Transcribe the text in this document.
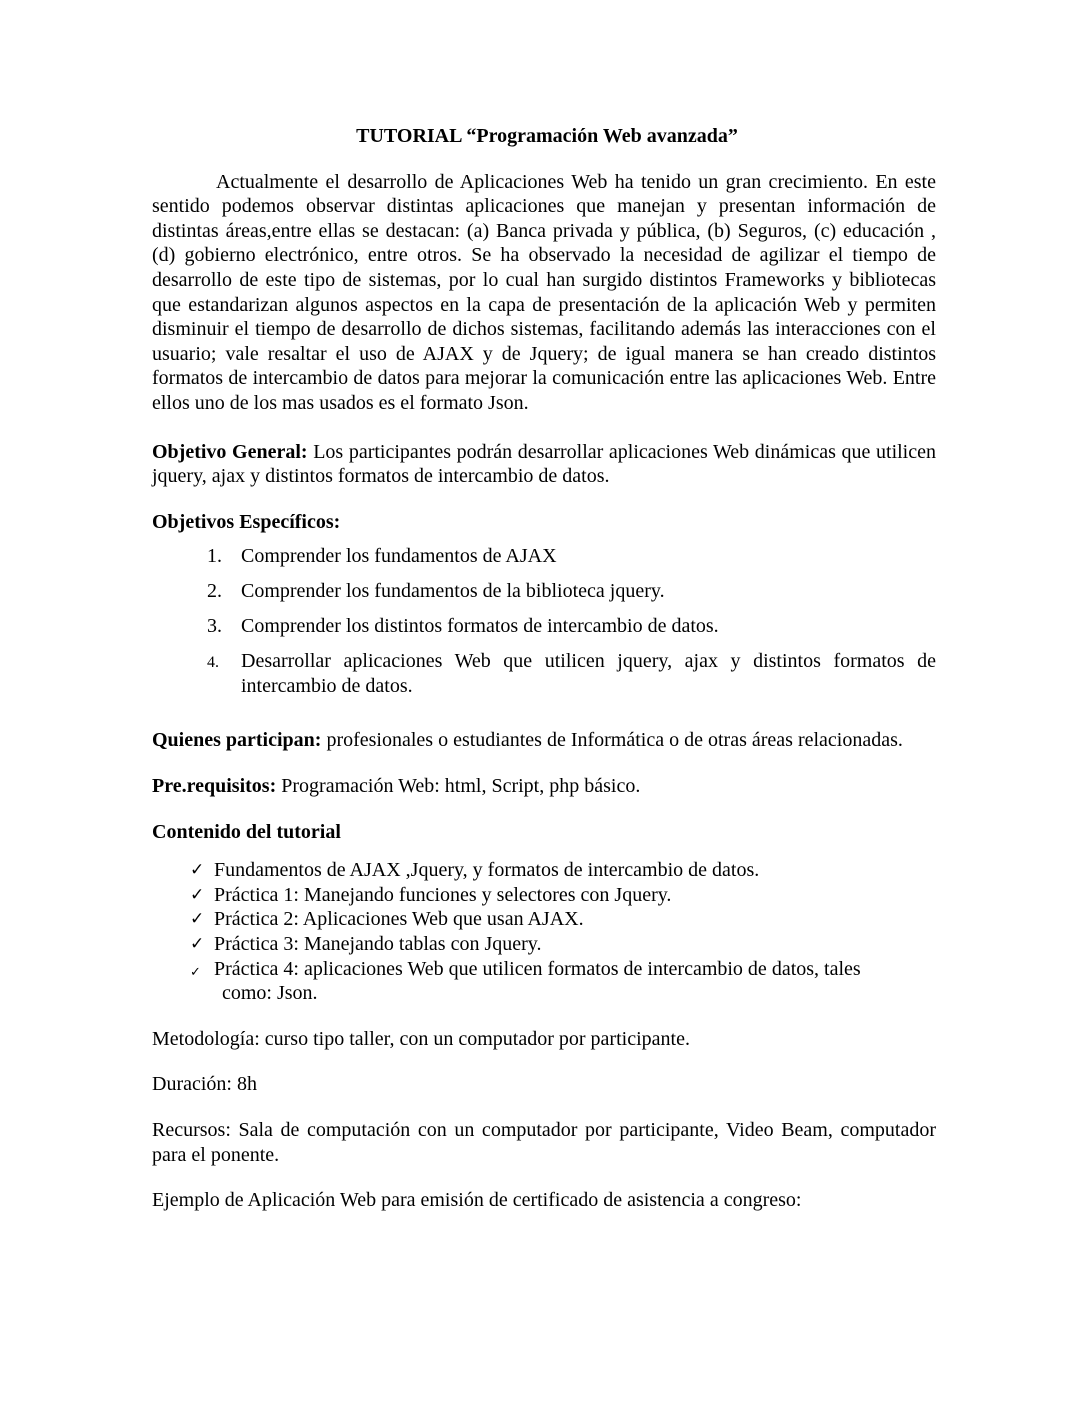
TUTORIAL “Programación Web avanzada”

Actualmente el desarrollo de Aplicaciones Web ha tenido un gran crecimiento. En este sentido podemos observar distintas aplicaciones que manejan y presentan información de distintas áreas,entre ellas se destacan: (a) Banca privada y pública, (b) Seguros, (c) educación , (d) gobierno electrónico, entre otros. Se ha observado la necesidad de agilizar el tiempo de desarrollo de este tipo de sistemas, por lo cual han surgido distintos Frameworks y bibliotecas que estandarizan algunos aspectos en la capa de presentación de la aplicación Web y permiten disminuir el tiempo de desarrollo de dichos sistemas, facilitando además las interacciones con el usuario; vale resaltar el uso de AJAX y de Jquery; de igual manera se han creado distintos formatos de intercambio de datos para mejorar la comunicación entre las aplicaciones Web. Entre ellos uno de los mas usados es el formato Json.

Objetivo General: Los participantes podrán desarrollar aplicaciones Web dinámicas que utilicen jquery, ajax y distintos formatos de intercambio de datos.

Objetivos Específicos:

1. Comprender los fundamentos de AJAX
2. Comprender los fundamentos de la biblioteca jquery.
3. Comprender los distintos formatos de intercambio de datos.
4. Desarrollar aplicaciones Web que utilicen jquery, ajax y distintos formatos de intercambio de datos.

Quienes participan: profesionales o estudiantes de Informática o de otras áreas relacionadas.

Pre.requisitos: Programación Web: html, Script, php básico.

Contenido del tutorial

✓ Fundamentos de AJAX ,Jquery, y formatos de intercambio de datos.
✓ Práctica 1: Manejando funciones y selectores con Jquery.
✓ Práctica 2: Aplicaciones Web que usan AJAX.
✓ Práctica 3: Manejando tablas con Jquery.
✓ Práctica 4: aplicaciones Web que utilicen formatos de intercambio de datos, tales
como: Json.

Metodología: curso tipo taller, con un computador por participante.

Duración: 8h

Recursos: Sala de computación con un computador por participante, Video Beam, computador para el ponente.

Ejemplo de Aplicación Web para emisión de certificado de asistencia a congreso:
